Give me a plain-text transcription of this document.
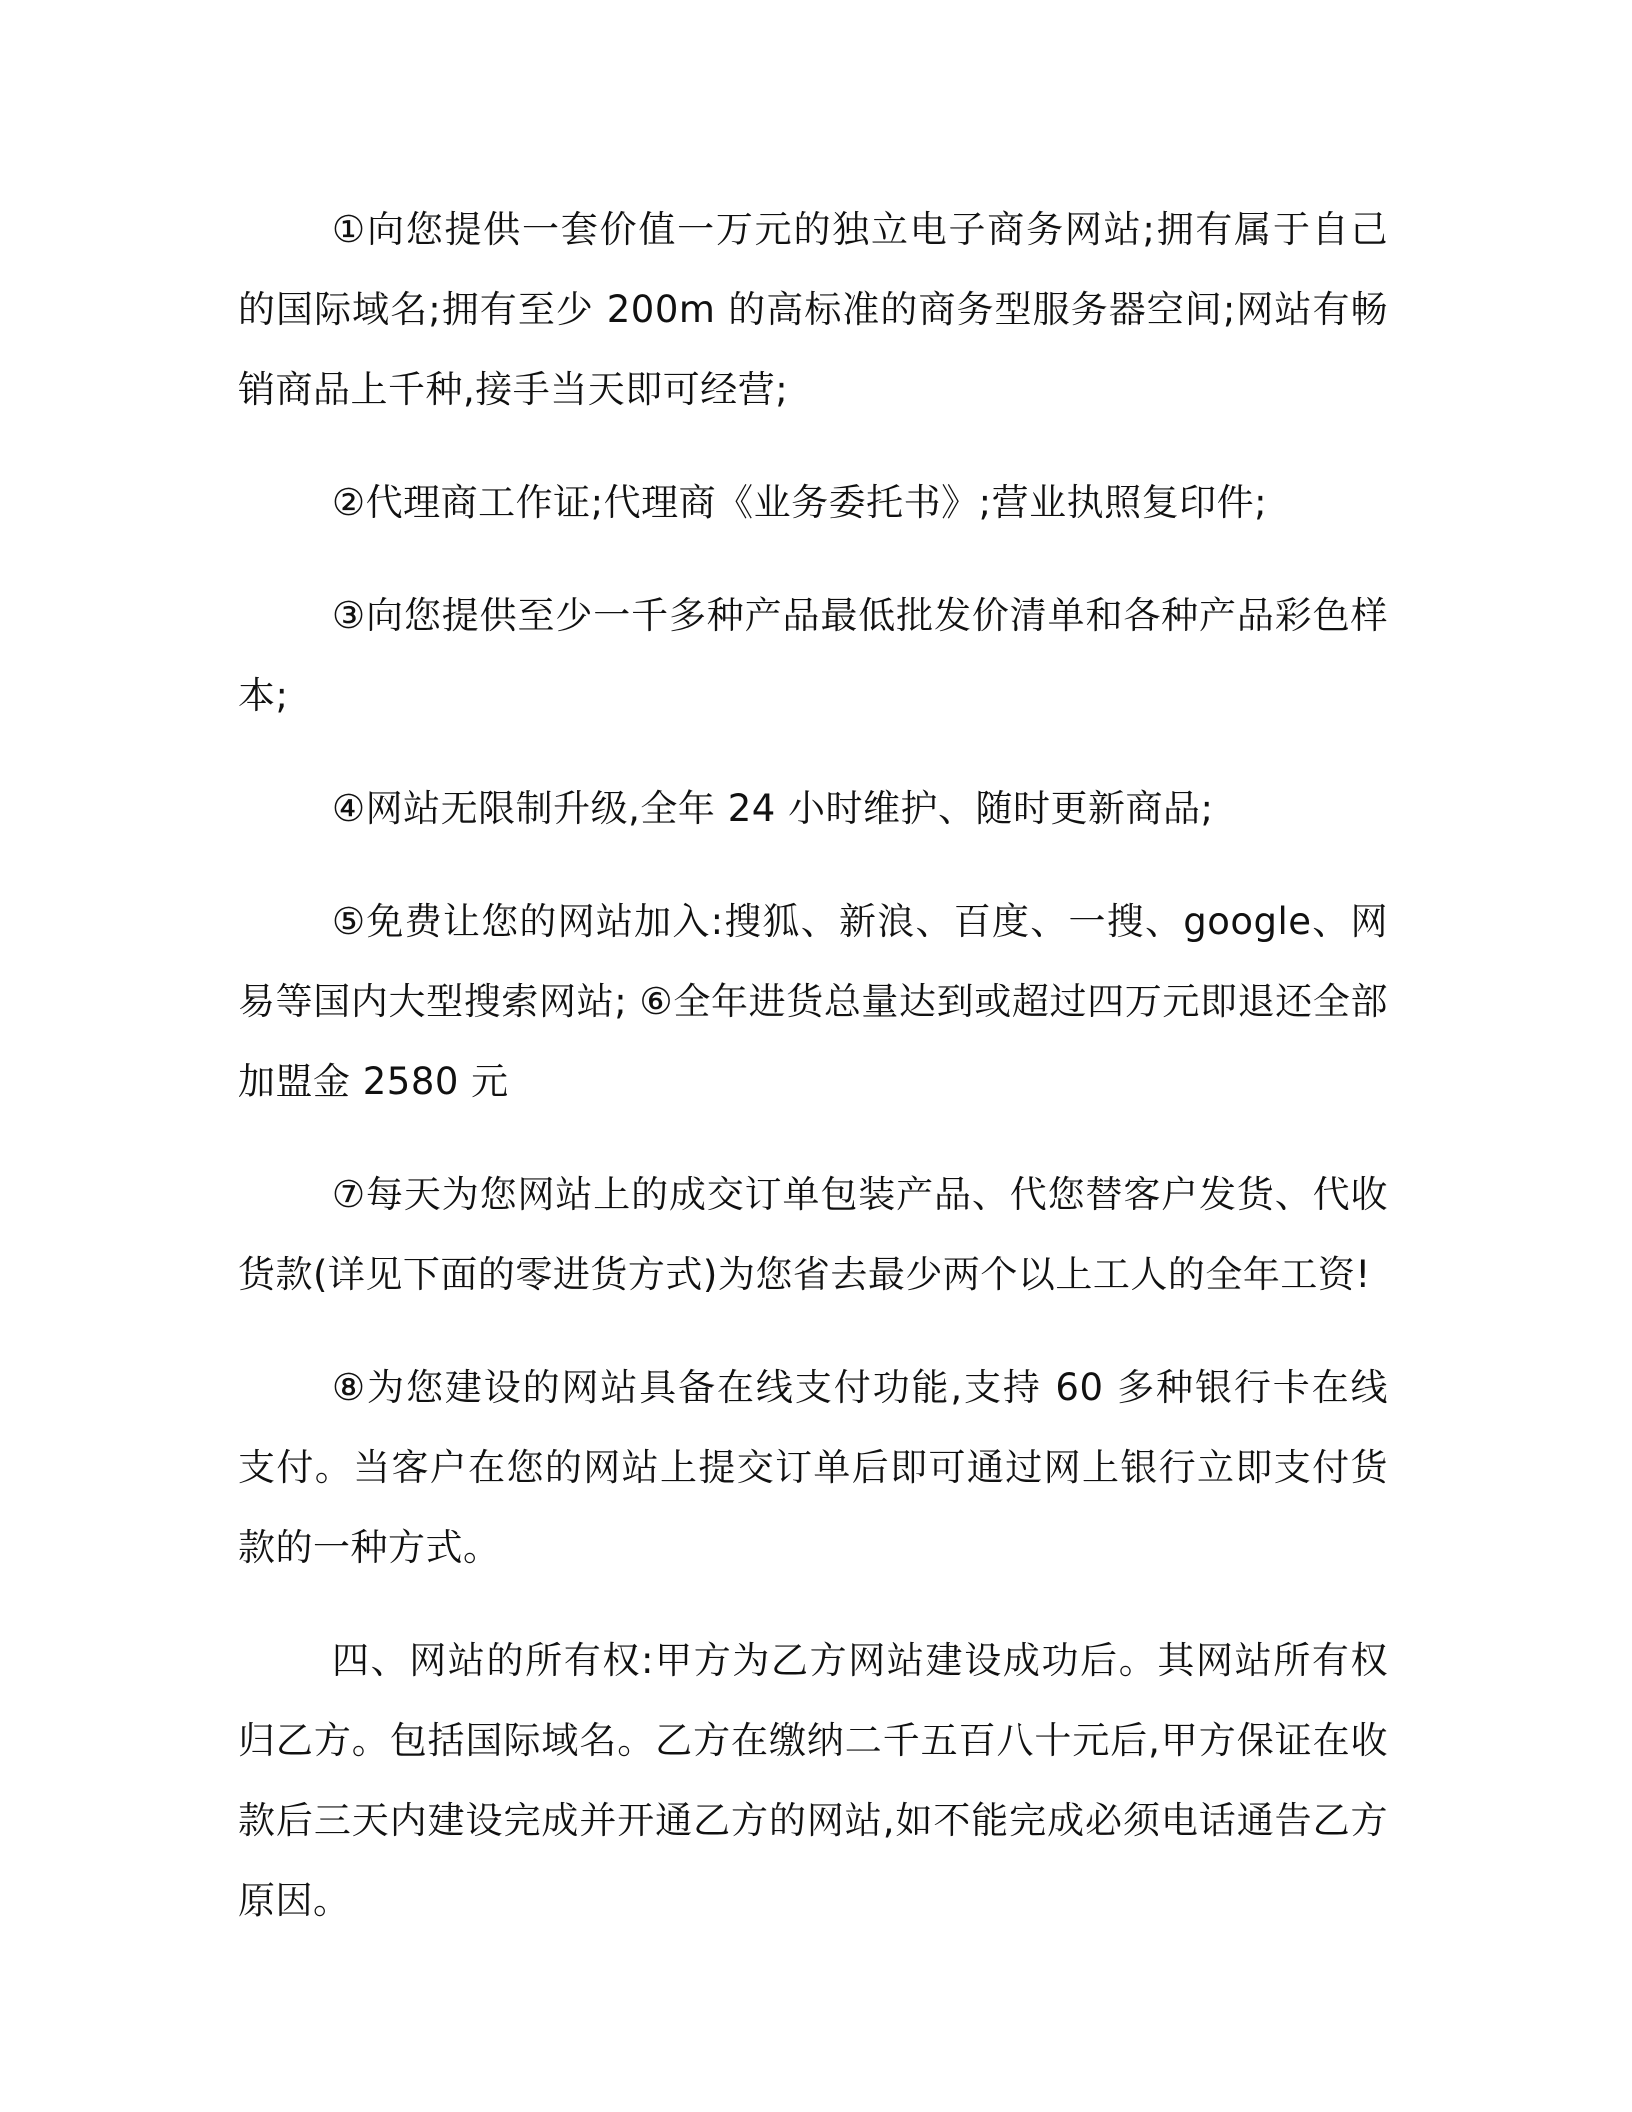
①向您提供一套价值一万元的独立电子商务网站;拥有属于自己的国际域名;拥有至少 200m 的高标准的商务型服务器空间;网站有畅销商品上千种,接手当天即可经营;

②代理商工作证;代理商《业务委托书》;营业执照复印件;

③向您提供至少一千多种产品最低批发价清单和各种产品彩色样本;

④网站无限制升级,全年 24 小时维护、随时更新商品;

⑤免费让您的网站加入:搜狐、新浪、百度、一搜、google、网易等国内大型搜索网站; ⑥全年进货总量达到或超过四万元即退还全部加盟金 2580 元

⑦每天为您网站上的成交订单包装产品、代您替客户发货、代收货款(详见下面的零进货方式)为您省去最少两个以上工人的全年工资!

⑧为您建设的网站具备在线支付功能,支持 60 多种银行卡在线支付。当客户在您的网站上提交订单后即可通过网上银行立即支付货款的一种方式。

四、网站的所有权:甲方为乙方网站建设成功后。其网站所有权归乙方。包括国际域名。乙方在缴纳二千五百八十元后,甲方保证在收款后三天内建设完成并开通乙方的网站,如不能完成必须电话通告乙方原因。
